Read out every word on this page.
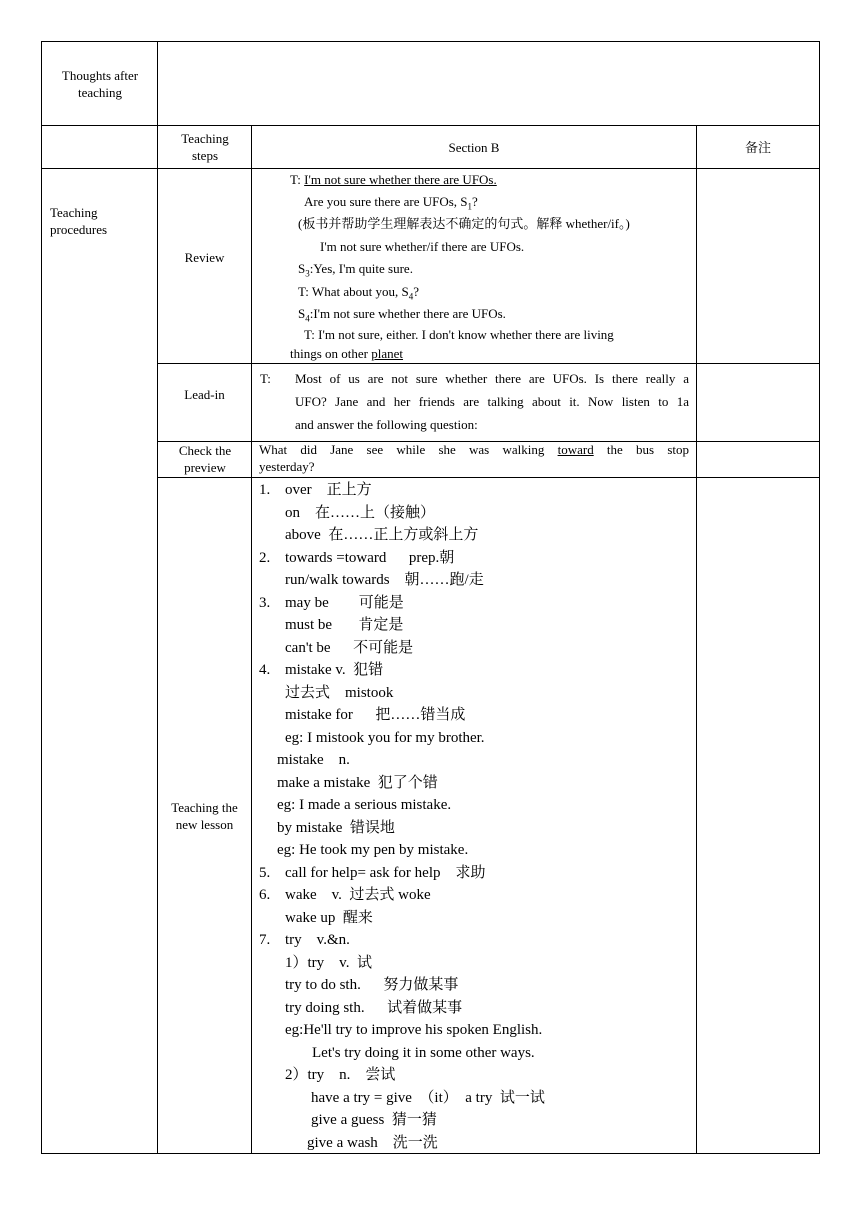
Thoughts after teaching
Teaching steps
Section B	备注
Teaching procedures
Review
Lead-in
Check the preview
Teaching the new lesson
T: I'm not sure whether there are UFOs.
Are you sure there are UFOs, $S_1$?
(板书并帮助学生理解表达不确定的句式。解释 whether/if。)
I'm not sure whether/if there are UFOs.
$S_3:Yes$, I'm quite sure.
T: What about you, $S_4$?
$S_4:I'm$ not sure whether there are UFOs.
T: I'm not sure, either. I don't know whether there are living
things on other planet
T: Most of us are not sure whether there are UFOs. Is there really a
UFO? Jane and her friends are talking about it. Now listen to 1a
and answer the following question:
What did Jane see while she was walking toward the bus stop
yesterday?
1. over    正上方
on    在……上（接触）
above  在……正上方或斜上方
2. towards =toward      prep.朝
run/walk towards    朝……跑/走
3. may be        可能是
must be       肯定是
can't be      不可能是
4. mistake v.  犯错
过去式    mistook
mistake for      把……错当成
eg: I mistook you for my brother.
mistake    n.
make a mistake  犯了个错
eg: I made a serious mistake.
by mistake  错误地
eg: He took my pen by mistake.
5. call for help= ask for help    求助
6. wake    v.  过去式 woke
wake up  醒来
7. try    v.&n.
1）try    v.  试
try to do sth.      努力做某事
try doing sth.      试着做某事
eg:He'll try to improve his spoken English.
Let's try doing it in some other ways.
2）try    n.    尝试
have a try = give  （it）  a try  试一试
give a guess  猜一猜
give a wash    洗一洗
